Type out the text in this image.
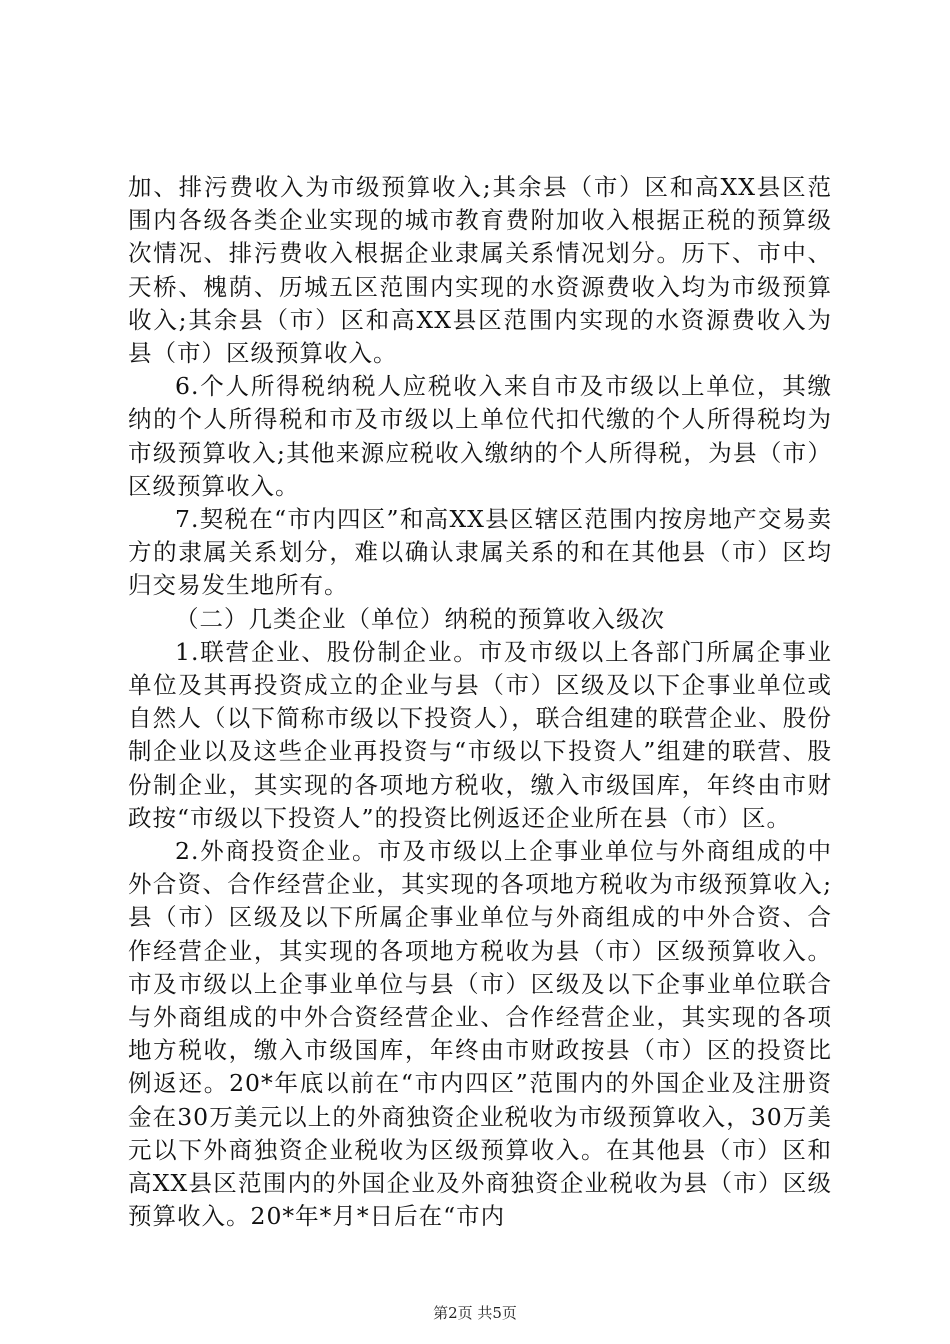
加、排污费收入为市级预算收入;其余县（市）区和高XX县区范围内各级各类企业实现的城市教育费附加收入根据正税的预算级次情况、排污费收入根据企业隶属关系情况划分。历下、市中、天桥、槐荫、历城五区范围内实现的水资源费收入均为市级预算收入;其余县（市）区和高XX县区范围内实现的水资源费收入为县（市）区级预算收入。

6.个人所得税纳税人应税收入来自市及市级以上单位，其缴纳的个人所得税和市及市级以上单位代扣代缴的个人所得税均为市级预算收入;其他来源应税收入缴纳的个人所得税，为县（市）区级预算收入。

7.契税在“市内四区”和高XX县区辖区范围内按房地产交易卖方的隶属关系划分，难以确认隶属关系的和在其他县（市）区均归交易发生地所有。

（二）几类企业（单位）纳税的预算收入级次

1.联营企业、股份制企业。市及市级以上各部门所属企事业单位及其再投资成立的企业与县（市）区级及以下企事业单位或自然人（以下简称市级以下投资人），联合组建的联营企业、股份制企业以及这些企业再投资与“市级以下投资人”组建的联营、股份制企业，其实现的各项地方税收，缴入市级国库，年终由市财政按“市级以下投资人”的投资比例返还企业所在县（市）区。

2.外商投资企业。市及市级以上企事业单位与外商组成的中外合资、合作经营企业，其实现的各项地方税收为市级预算收入;县（市）区级及以下所属企事业单位与外商组成的中外合资、合作经营企业，其实现的各项地方税收为县（市）区级预算收入。市及市级以上企事业单位与县（市）区级及以下企事业单位联合与外商组成的中外合资经营企业、合作经营企业，其实现的各项地方税收，缴入市级国库，年终由市财政按县（市）区的投资比例返还。20*年底以前在“市内四区”范围内的外国企业及注册资金在30万美元以上的外商独资企业税收为市级预算收入，30万美元以下外商独资企业税收为区级预算收入。在其他县（市）区和高XX县区范围内的外国企业及外商独资企业税收为县（市）区级预算收入。20*年*月*日后在“市内

第2页 共5页
